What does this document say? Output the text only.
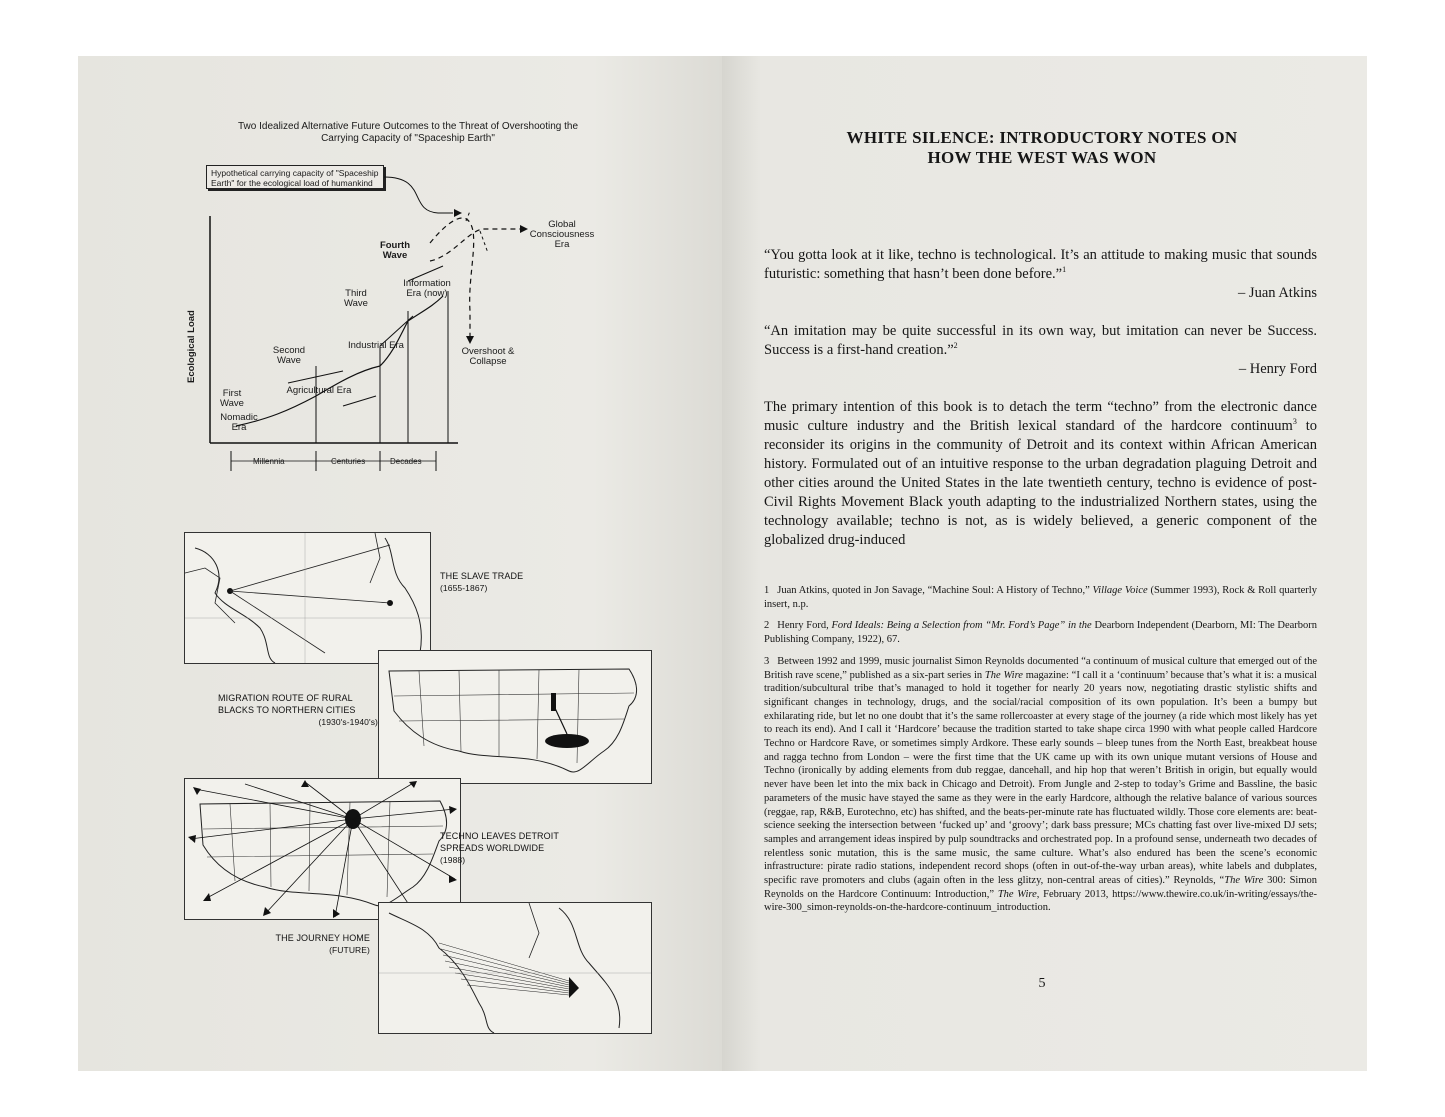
Two Idealized Alternative Future Outcomes to the Threat of Overshooting the Carrying Capacity of "Spaceship Earth"
Hypothetical carrying capacity of "Spaceship Earth" for the ecological load of humankind
Ecological Load
Nomadic Era
First Wave
Agricultural Era
Second Wave
Industrial Era
Third Wave
Information Era (now)
Fourth Wave
Global Consciousness Era
Overshoot & Collapse
Millennia	Centuries	Decades
THE SLAVE TRADE
(1655-1867)
MIGRATION ROUTE OF RURAL BLACKS TO NORTHERN CITIES
(1930's-1940's)
TECHNO LEAVES DETROIT SPREADS WORLDWIDE
(1988)
THE JOURNEY HOME
(FUTURE)
WHITE SILENCE: INTRODUCTORY NOTES ON
HOW THE WEST WAS WON
“You gotta look at it like, techno is technological. It’s an attitude to making music that sounds futuristic: something that hasn’t been done before.”$^1$
– Juan Atkins
“An imitation may be quite successful in its own way, but imitation can never be Success. Success is a first-hand creation.”$^2$
– Henry Ford
The primary intention of this book is to detach the term “techno” from the electronic dance music culture industry and the British lexical standard of the hardcore continuum$^3$ to reconsider its origins in the community of Detroit and its context within African American history. Formulated out of an intuitive response to the urban degradation plaguing Detroit and other cities around the United States in the late twentieth century, techno is evidence of post-Civil Rights Movement Black youth adapting to the industrialized Northern states, using the technology available; techno is not, as is widely believed, a generic component of the globalized drug-induced

1 Juan Atkins, quoted in Jon Savage, “Machine Soul: A History of Techno,” Village Voice (Summer 1993), Rock & Roll quarterly insert, n.p.

2 Henry Ford, Ford Ideals: Being a Selection from “Mr. Ford’s Page” in the Dearborn Independent (Dearborn, MI: The Dearborn Publishing Company, 1922), 67.

3 Between 1992 and 1999, music journalist Simon Reynolds documented “a continuum of musical culture that emerged out of the British rave scene,” published as a six-part series in The Wire magazine: “I call it a ‘continuum’ because that’s what it is: a musical tradition/subcultural tribe that’s managed to hold it together for nearly 20 years now, negotiating drastic stylistic shifts and significant changes in technology, drugs, and the social/racial composition of its own population. It’s been a bumpy but exhilarating ride, but let no one doubt that it’s the same rollercoaster at every stage of the journey (a ride which most likely has yet to reach its end). And I call it ‘Hardcore’ because the tradition started to take shape circa 1990 with what people called Hardcore Techno or Hardcore Rave, or sometimes simply Ardkore. These early sounds – bleep tunes from the North East, breakbeat house and ragga techno from London – were the first time that the UK came up with its own unique mutant versions of House and Techno (ironically by adding elements from dub reggae, dancehall, and hip hop that weren’t British in origin, but equally would never have been let into the mix back in Chicago and Detroit). From Jungle and 2-step to today’s Grime and Bassline, the basic parameters of the music have stayed the same as they were in the early Hardcore, although the relative balance of various sources (reggae, rap, R&B, Eurotechno, etc) has shifted, and the beats-per-minute rate has fluctuated wildly. Those core elements are: beat-science seeking the intersection between ‘fucked up’ and ‘groovy’; dark bass pressure; MCs chatting fast over live-mixed DJ sets; samples and arrangement ideas inspired by pulp soundtracks and orchestrated pop. In a profound sense, underneath two decades of relentless sonic mutation, this is the same music, the same culture. What’s also endured has been the scene’s economic infrastructure: pirate radio stations, independent record shops (often in out-of-the-way urban areas), white labels and dubplates, specific rave promoters and clubs (again often in the less glitzy, non-central areas of cities).” Reynolds, “The Wire 300: Simon Reynolds on the Hardcore Continuum: Introduction,” The Wire, February 2013, https://www.thewire.co.uk/in-writing/essays/the-wire-300_simon-reynolds-on-the-hardcore-continuum_introduction.

5
